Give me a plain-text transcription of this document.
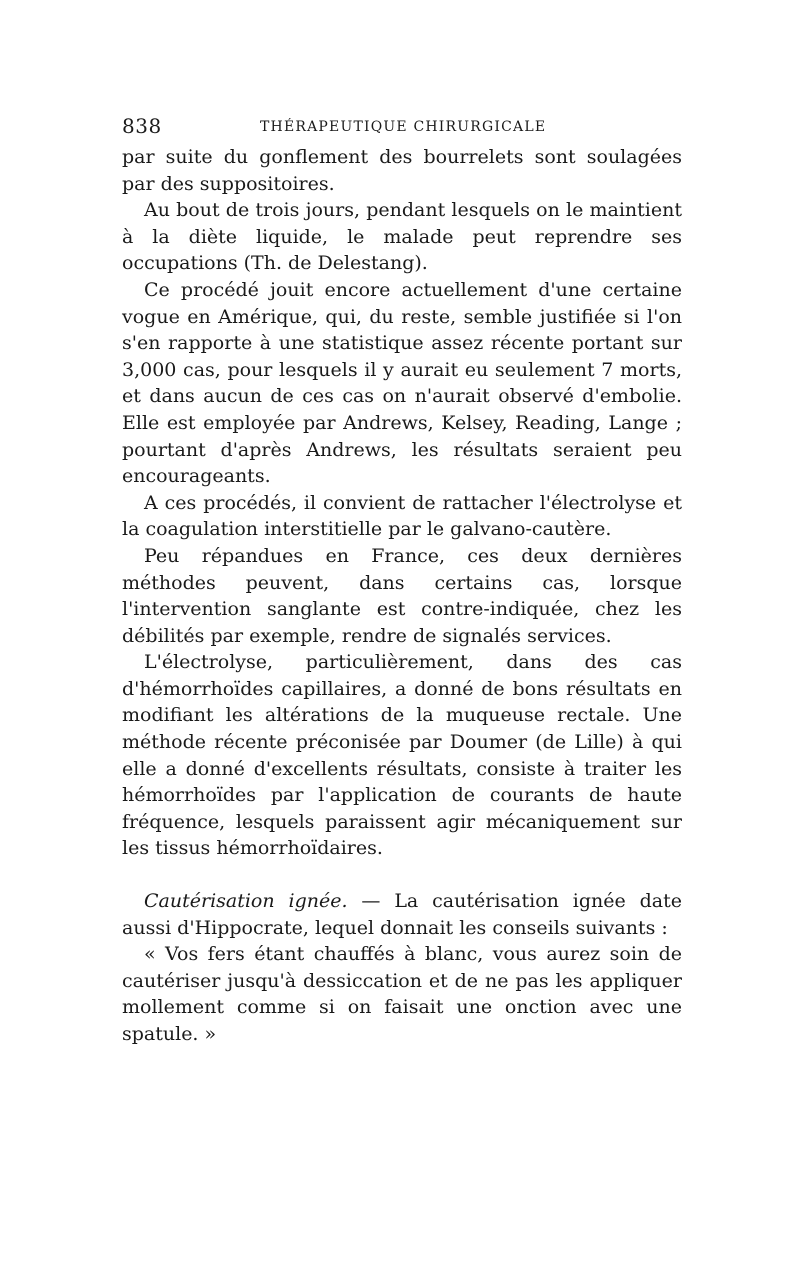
838	THÉRAPEUTIQUE CHIRURGICALE

par suite du gonflement des bourrelets sont soulagées par des suppositoires.

Au bout de trois jours, pendant lesquels on le maintient à la diète liquide, le malade peut reprendre ses occupations (Th. de Delestang).

Ce procédé jouit encore actuellement d'une certaine vogue en Amérique, qui, du reste, semble justifiée si l'on s'en rapporte à une statistique assez récente portant sur 3,000 cas, pour lesquels il y aurait eu seulement 7 morts, et dans aucun de ces cas on n'aurait observé d'embolie. Elle est employée par Andrews, Kelsey, Reading, Lange ; pourtant d'après Andrews, les résultats seraient peu encourageants.

A ces procédés, il convient de rattacher l'électrolyse et la coagulation interstitielle par le galvano-cautère.

Peu répandues en France, ces deux dernières méthodes peuvent, dans certains cas, lorsque l'intervention sanglante est contre-indiquée, chez les débilités par exemple, rendre de signalés services.

L'électrolyse, particulièrement, dans des cas d'hémorrhoïdes capillaires, a donné de bons résultats en modifiant les altérations de la muqueuse rectale. Une méthode récente préconisée par Doumer (de Lille) à qui elle a donné d'excellents résultats, consiste à traiter les hémorrhoïdes par l'application de courants de haute fréquence, lesquels paraissent agir mécaniquement sur les tissus hémorrhoïdaires.

Cautérisation ignée. — La cautérisation ignée date aussi d'Hippocrate, lequel donnait les conseils suivants :

« Vos fers étant chauffés à blanc, vous aurez soin de cautériser jusqu'à dessiccation et de ne pas les appliquer mollement comme si on faisait une onction avec une spatule. »
